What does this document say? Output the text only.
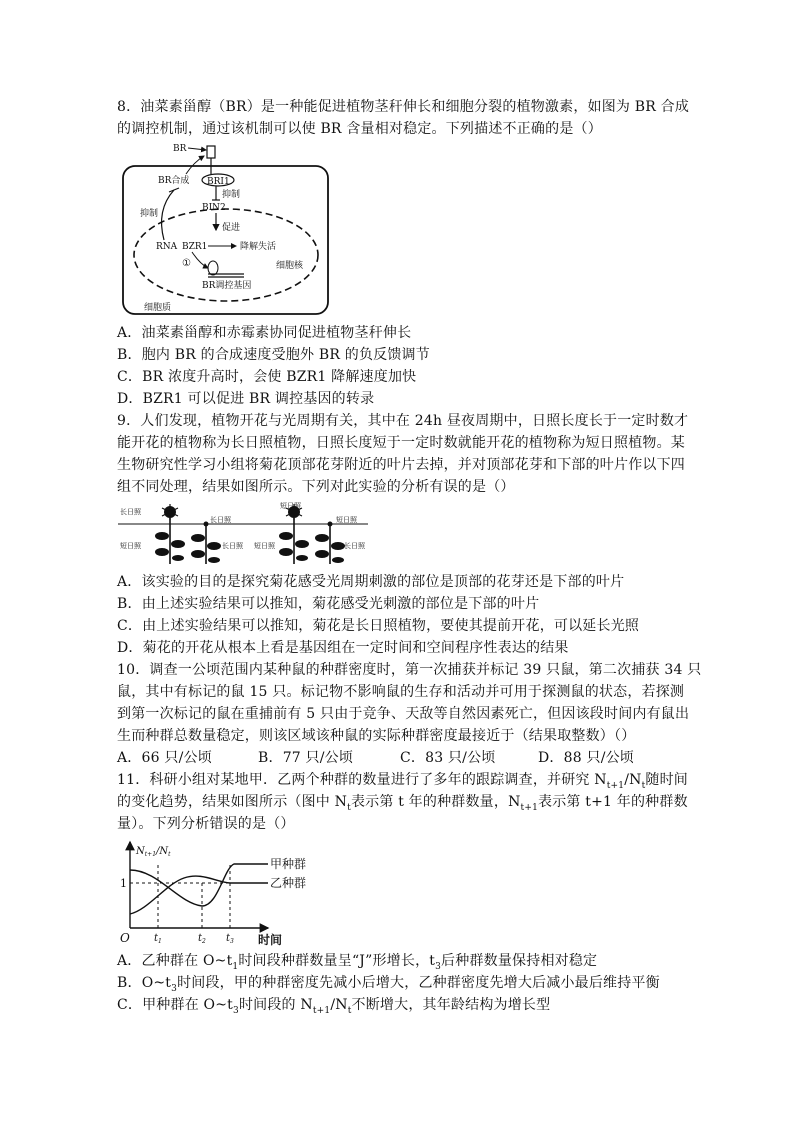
8．油菜素甾醇（BR）是一种能促进植物茎秆伸长和细胞分裂的植物激素，如图为 BR 合成
的调控机制，通过该机制可以使 BR 含量相对稳定。下列描述不正确的是（）
BRI1
BR
BR合成
抑制
BIN2
促进
抑制
RNA BZR1	降解失活
①
BR调控基因
细胞核
细胞质
A．油菜素甾醇和赤霉素协同促进植物茎秆伸长
B．胞内 BR 的合成速度受胞外 BR 的负反馈调节
C．BR 浓度升高时，会使 BZR1 降解速度加快
D．BZR1 可以促进 BR 调控基因的转录
9．人们发现，植物开花与光周期有关，其中在 24h 昼夜周期中，日照长度长于一定时数才
能开花的植物称为长日照植物，日照长度短于一定时数就能开花的植物称为短日照植物。某
生物研究性学习小组将菊花顶部花芽附近的叶片去掉，并对顶部花芽和下部的叶片作以下四
组不同处理，结果如图所示。下列对此实验的分析有误的是（）
长日照
短日照
长日照
长日照
短日照
短日照
短日照
长日照
A．该实验的目的是探究菊花感受光周期刺激的部位是顶部的花芽还是下部的叶片
B．由上述实验结果可以推知，菊花感受光刺激的部位是下部的叶片
C．由上述实验结果可以推知，菊花是长日照植物，要使其提前开花，可以延长光照
D．菊花的开花从根本上看是基因组在一定时间和空间程序性表达的结果
10．调查一公顷范围内某种鼠的种群密度时，第一次捕获并标记 39 只鼠，第二次捕获 34 只
鼠，其中有标记的鼠 15 只。标记物不影响鼠的生存和活动并可用于探测鼠的状态，若探测
到第一次标记的鼠在重捕前有 5 只由于竞争、天敌等自然因素死亡，但因该段时间内有鼠出
生而种群总数量稳定，则该区域该种鼠的实际种群密度最接近于（结果取整数）（）
A．66 只/公顷	B．77 只/公顷	C．83 只/公顷	D．88 只/公顷
11．科研小组对某地甲．乙两个种群的数量进行了多年的跟踪调查，并研究 $N_{t+1}/N_t$随时间
的变化趋势，结果如图所示（图中 $N_t$表示第 t 年的种群数量，$N_{t+1}$表示第 t+1 年的种群数
量）。下列分析错误的是（）
$N_{t+1}/N_t$
1
O
甲种群
乙种群
$t_1$	$t_2$ $t_3$ 时间
A．乙种群在 $O\sim t_1$时间段种群数量呈“J”形增长，$t_3$后种群数量保持相对稳定
B．$O\sim t_3$时间段，甲的种群密度先减小后增大，乙种群密度先增大后减小最后维持平衡
C．甲种群在 $O\sim t_3$时间段的 $N_{t+1}/N_t$不断增大，其年龄结构为增长型
